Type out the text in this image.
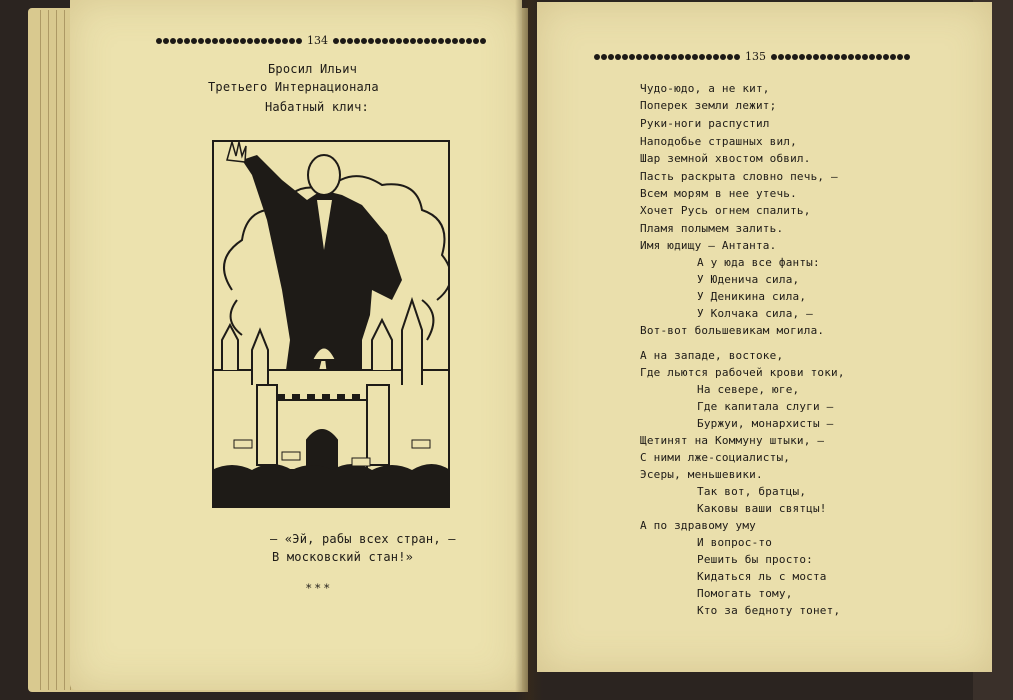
134
Бросил Ильич
Третьего Интернационала
Набатный клич:
— «Эй, рабы всех стран, —
В московский стан!»
* * *
135
Чудо-юдо, а не кит,
Поперек земли лежит;
Руки-ноги распустил
Наподобье страшных вил,
Шар земной хвостом обвил.
Пасть раскрыта словно печь, —
Всем морям в нее утечь.
Хочет Русь огнем спалить,
Пламя полымем залить.
Имя юдищу — Антанта.
А у юда все фанты:
У Юденича сила,
У Деникина сила,
У Колчака сила, —
Вот-вот большевикам могила.
А на западе, востоке,
Где льются рабочей крови токи,
На севере, юге,
Где капитала слуги —
Буржуи, монархисты —
Щетинят на Коммуну штыки, —
С ними лже-социалисты,
Эсеры, меньшевики.
Так вот, братцы,
Каковы ваши святцы!
А по здравому уму
И вопрос-то
Решить бы просто:
Кидаться ль с моста
Помогать тому,
Кто за бедноту тонет,
